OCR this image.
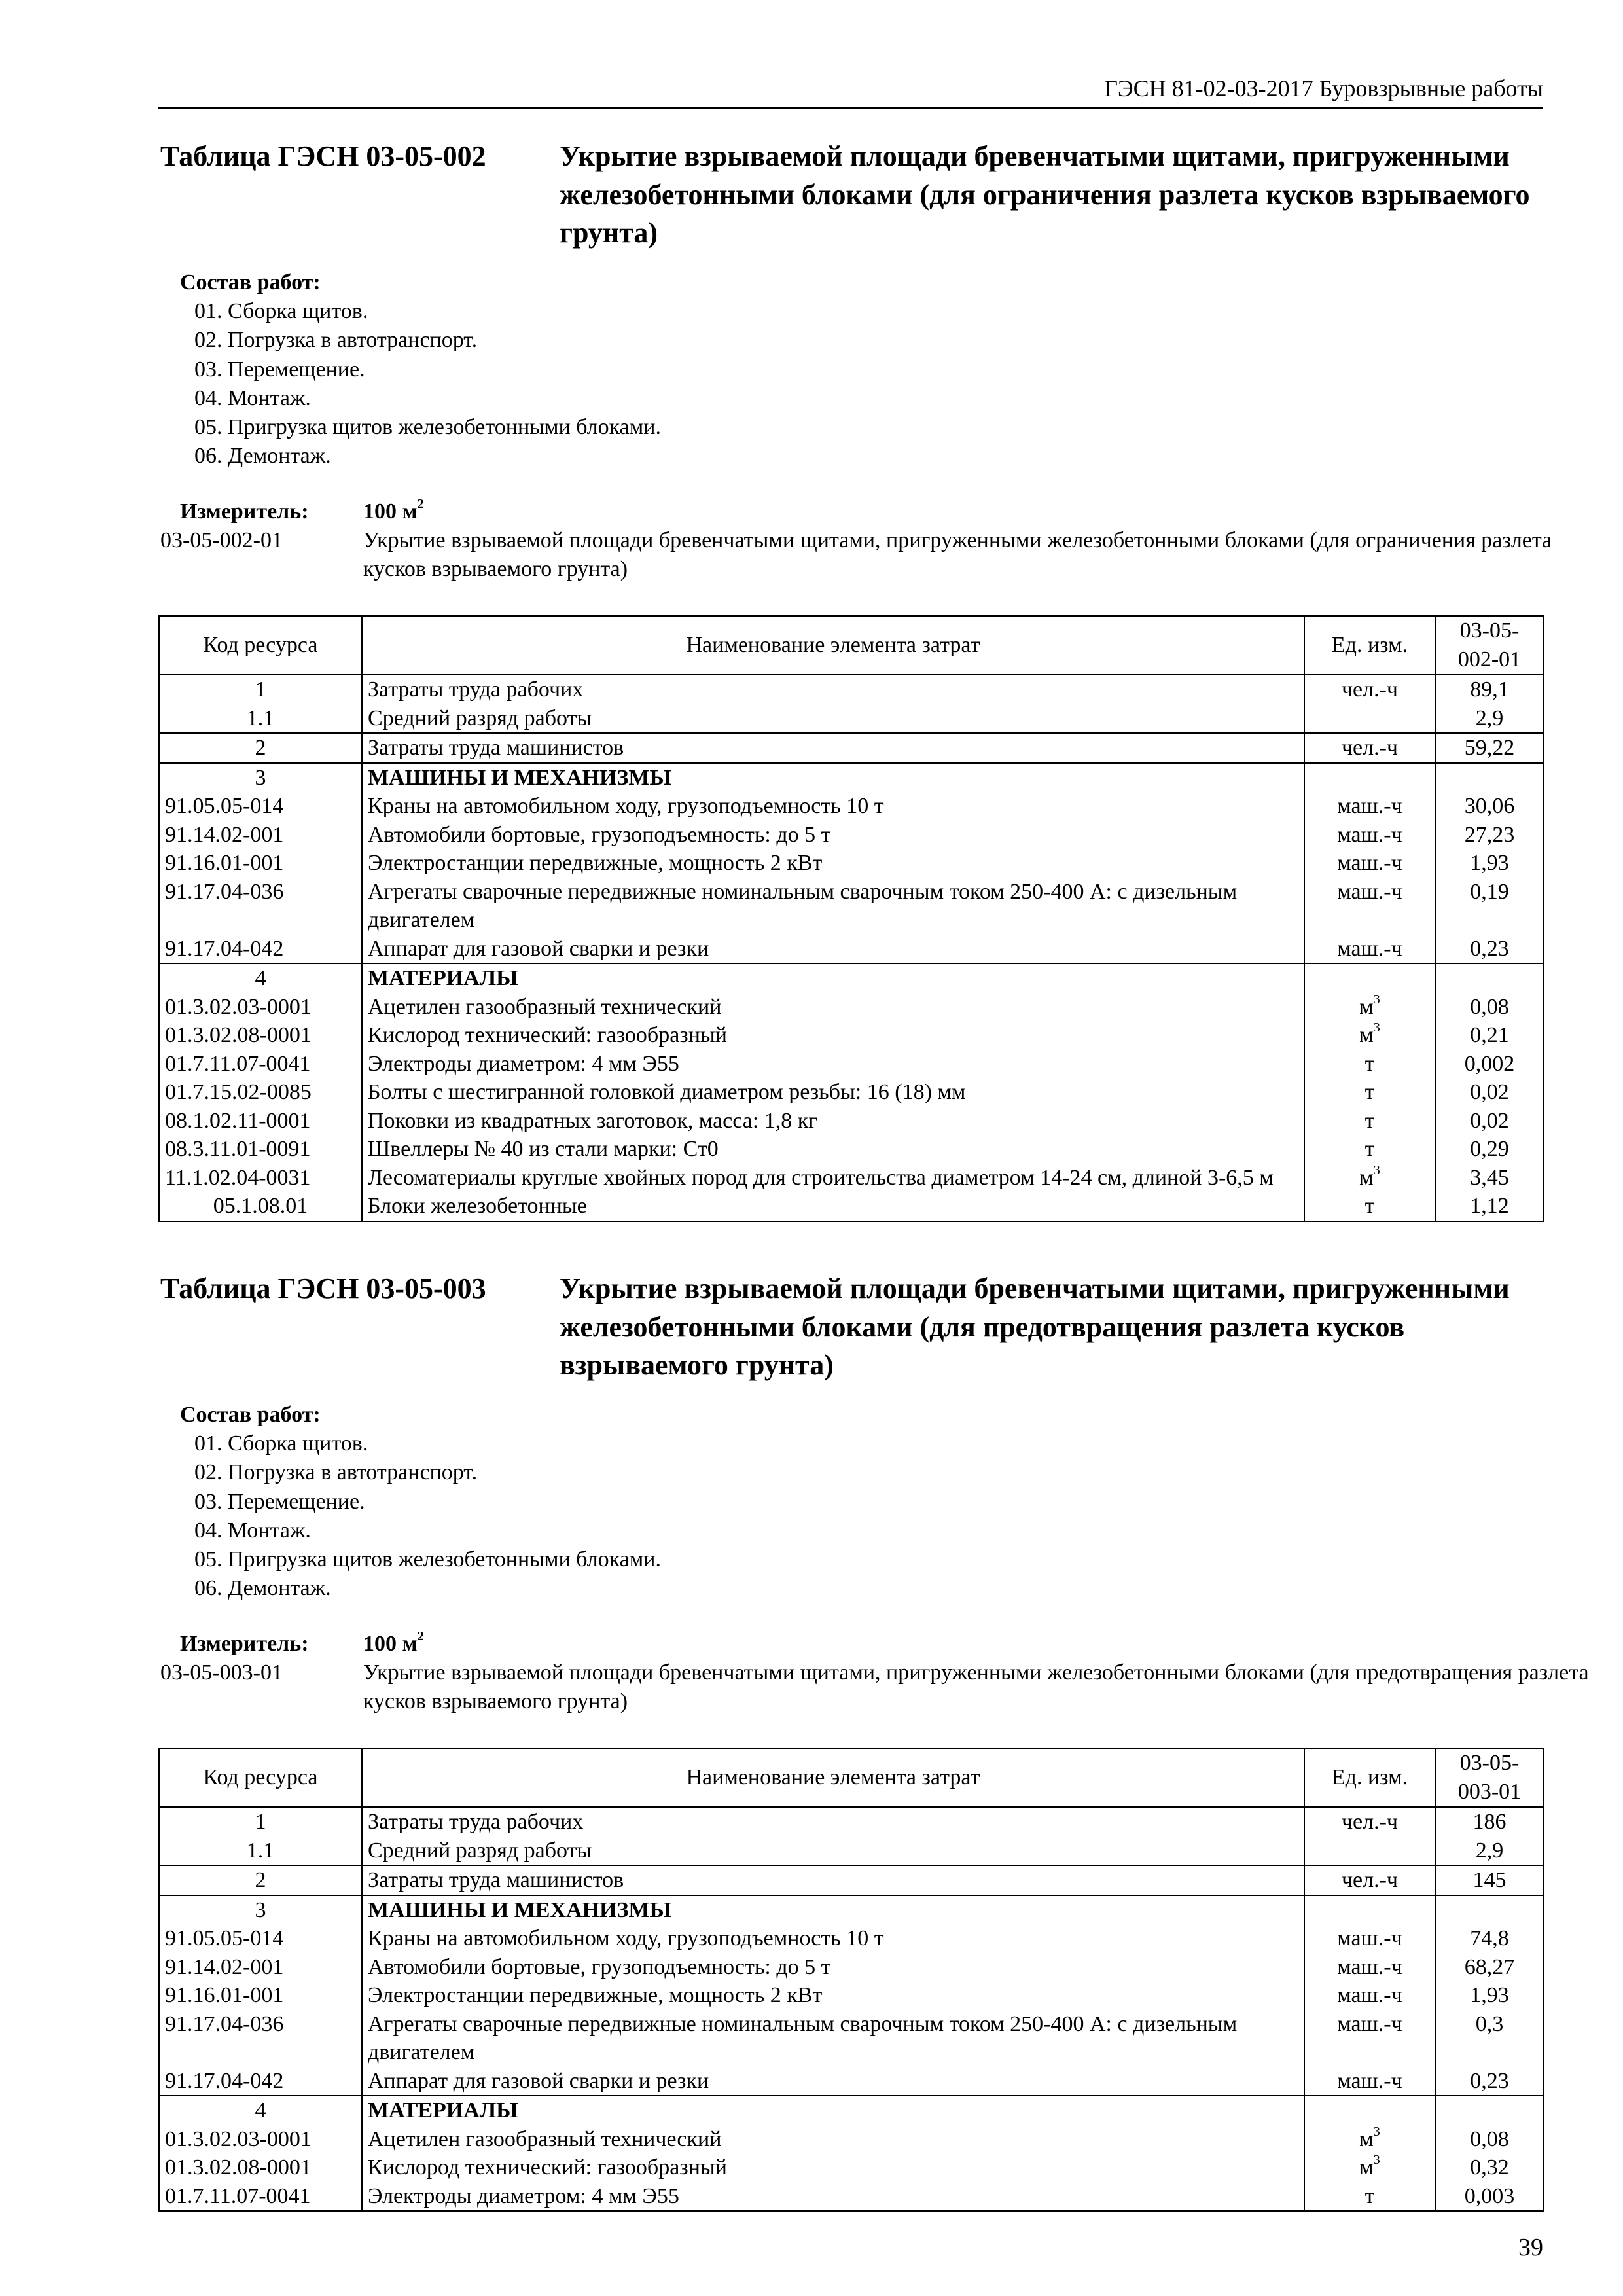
ГЭСН 81-02-03-2017 Буровзрывные работы
Таблица ГЭСН 03-05-002	Укрытие взрываемой площади бревенчатыми щитами, пригруженными железобетонными блоками (для ограничения разлета кусков взрываемого грунта)
Состав работ:
01. Сборка щитов.
02. Погрузка в автотранспорт.
03. Перемещение.
04. Монтаж.
05. Пригрузка щитов железобетонными блоками.
06. Демонтаж.
Измеритель: 100 $м^2$
03-05-002-01	Укрытие взрываемой площади бревенчатыми щитами, пригруженными железобетонными блоками (для ограничения разлета кусков взрываемого грунта)
Код ресурса	Наименование элемента затрат	Ед. изм.	03-05-002-01
1	Затраты труда рабочих	чел.-ч	89,1
1.1	Средний разряд работы		2,9
2	Затраты труда машинистов	чел.-ч	59,22
3	МАШИНЫ И МЕХАНИЗМЫ		
91.05.05-014	Краны на автомобильном ходу, грузоподъемность 10 т	маш.-ч	30,06
91.14.02-001	Автомобили бортовые, грузоподъемность: до 5 т	маш.-ч	27,23
91.16.01-001	Электростанции передвижные, мощность 2 кВт	маш.-ч	1,93
91.17.04-036	Агрегаты сварочные передвижные номинальным сварочным током 250-400 А: с дизельным двигателем	маш.-ч	0,19
91.17.04-042	Аппарат для газовой сварки и резки	маш.-ч	0,23
4	МАТЕРИАЛЫ		
01.3.02.03-0001	Ацетилен газообразный технический	$м^3$	0,08
01.3.02.08-0001	Кислород технический: газообразный	$м^3$	0,21
01.7.11.07-0041	Электроды диаметром: 4 мм Э55	т	0,002
01.7.15.02-0085	Болты с шестигранной головкой диаметром резьбы: 16 (18) мм	т	0,02
08.1.02.11-0001	Поковки из квадратных заготовок, масса: 1,8 кг	т	0,02
08.3.11.01-0091	Швеллеры № 40 из стали марки: Ст0	т	0,29
11.1.02.04-0031	Лесоматериалы круглые хвойных пород для строительства диаметром 14-24 см, длиной 3-6,5 м	$м^3$	3,45
05.1.08.01	Блоки железобетонные	т	1,12
Таблица ГЭСН 03-05-003	Укрытие взрываемой площади бревенчатыми щитами, пригруженными железобетонными блоками (для предотвращения разлета кусков взрываемого грунта)
Состав работ:
01. Сборка щитов.
02. Погрузка в автотранспорт.
03. Перемещение.
04. Монтаж.
05. Пригрузка щитов железобетонными блоками.
06. Демонтаж.
Измеритель: 100 $м^2$
03-05-003-01	Укрытие взрываемой площади бревенчатыми щитами, пригруженными железобетонными блоками (для предотвращения разлета кусков взрываемого грунта)
Код ресурса	Наименование элемента затрат	Ед. изм.	03-05-003-01
1	Затраты труда рабочих	чел.-ч	186
1.1	Средний разряд работы		2,9
2	Затраты труда машинистов	чел.-ч	145
3	МАШИНЫ И МЕХАНИЗМЫ		
91.05.05-014	Краны на автомобильном ходу, грузоподъемность 10 т	маш.-ч	74,8
91.14.02-001	Автомобили бортовые, грузоподъемность: до 5 т	маш.-ч	68,27
91.16.01-001	Электростанции передвижные, мощность 2 кВт	маш.-ч	1,93
91.17.04-036	Агрегаты сварочные передвижные номинальным сварочным током 250-400 А: с дизельным двигателем	маш.-ч	0,3
91.17.04-042	Аппарат для газовой сварки и резки	маш.-ч	0,23
4	МАТЕРИАЛЫ		
01.3.02.03-0001	Ацетилен газообразный технический	$м^3$	0,08
01.3.02.08-0001	Кислород технический: газообразный	$м^3$	0,32
01.7.11.07-0041	Электроды диаметром: 4 мм Э55	т	0,003
39
